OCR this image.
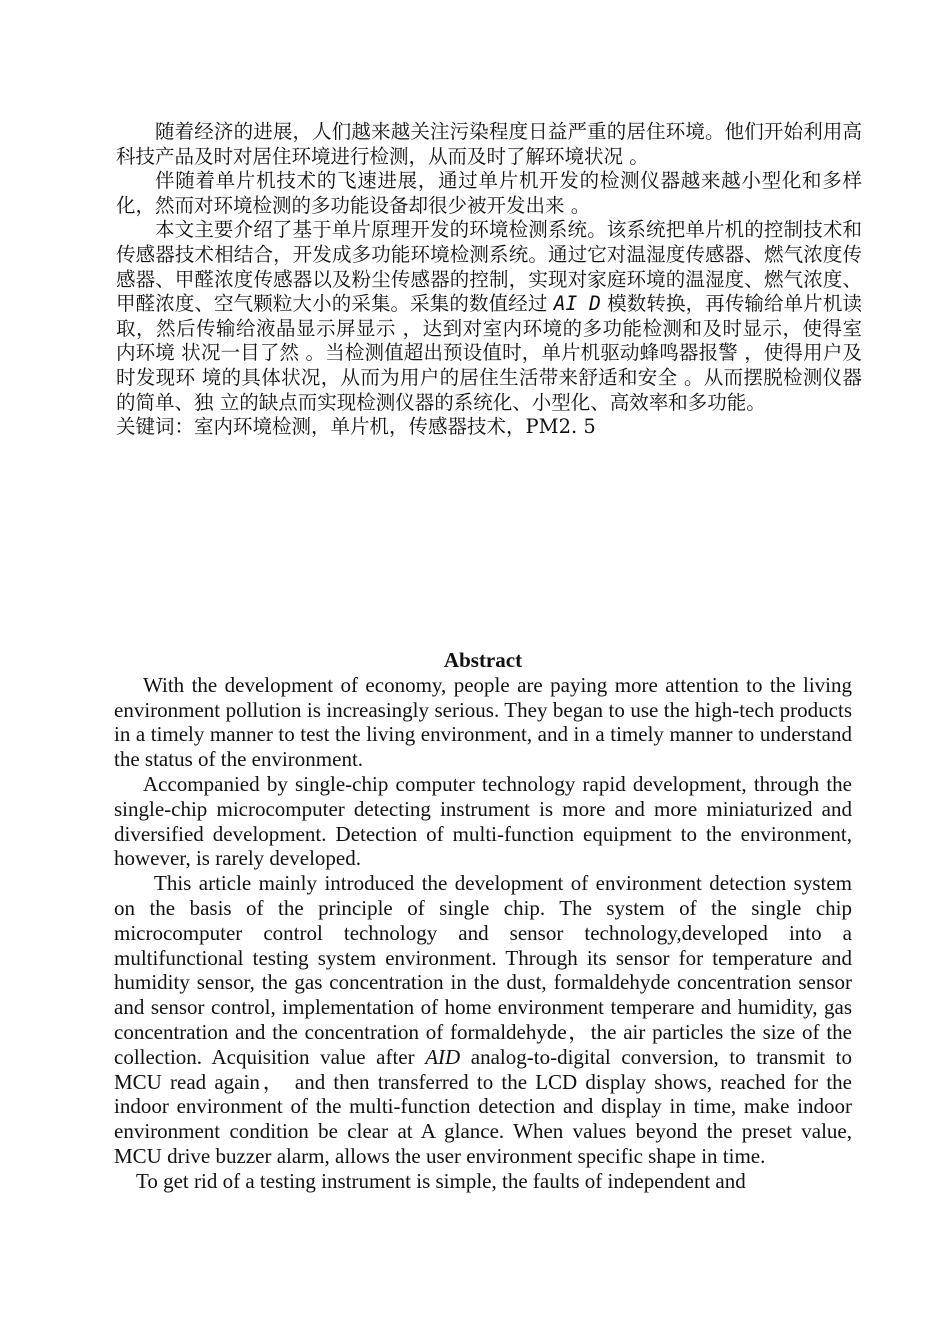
随着经济的进展，人们越来越关注污染程度日益严重的居住环境。他们开始利用高科技产品及时对居住环境进行检测，从而及时了解环境状况 。

伴随着单片机技术的飞速进展，通过单片机开发的检测仪器越来越小型化和多样 化，然而对环境检测的多功能设备却很少被开发出来 。

本文主要介绍了基于单片原理开发的环境检测系统。该系统把单片机的控制技术和 传感器技术相结合，开发成多功能环境检测系统。通过它对温湿度传感器、燃气浓度传 感器、甲醛浓度传感器以及粉尘传感器的控制，实现对家庭环境的温湿度、燃气浓度、甲醛浓度、空气颗粒大小的采集。采集的数值经过 AI D 模数转换，再传输给单片机读取，然后传输给液晶显示屏显示 ，达到对室内环境的多功能检测和及时显示，使得室内环境 状况一目了然 。当检测值超出预设值时，单片机驱动蜂鸣器报警 ，使得用户及时发现环 境的具体状况，从而为用户的居住生活带来舒适和安全 。从而摆脱检测仪器的简单、独 立的缺点而实现检测仪器的系统化、小型化、高效率和多功能。

关键词：室内环境检测，单片机，传感器技术，PM2. 5

Abstract

With the development of economy, people are paying more attention to the living environment pollution is increasingly serious. They began to use the high-tech products in a timely manner to test the living environment, and in a timely manner to understand the status of the environment.

Accompanied by single-chip computer technology rapid development, through the single-chip microcomputer detecting instrument is more and more miniaturized and diversified development. Detection of multi-function equipment to the environment, however, is rarely developed.

This article mainly introduced the development of environment detection system on the basis of the principle of single chip. The system of the single chip microcomputer control technology and sensor technology,developed into a multifunctional testing system environment. Through its sensor for temperature and humidity sensor, the gas concentration in the dust, formaldehyde concentration sensor and sensor control, implementation of home environment temperare and humidity, gas concentration and the concentration of formaldehyde，the air particles the size of the collection. Acquisition value after AID analog-to-digital conversion, to transmit to MCU read again， and then transferred to the LCD display shows, reached for the indoor environment of the multi-function detection and display in time, make indoor environment condition be clear at A glance. When values beyond the preset value, MCU drive buzzer alarm, allows the user environment specific shape in time.

To get rid of a testing instrument is simple, the faults of independent and
